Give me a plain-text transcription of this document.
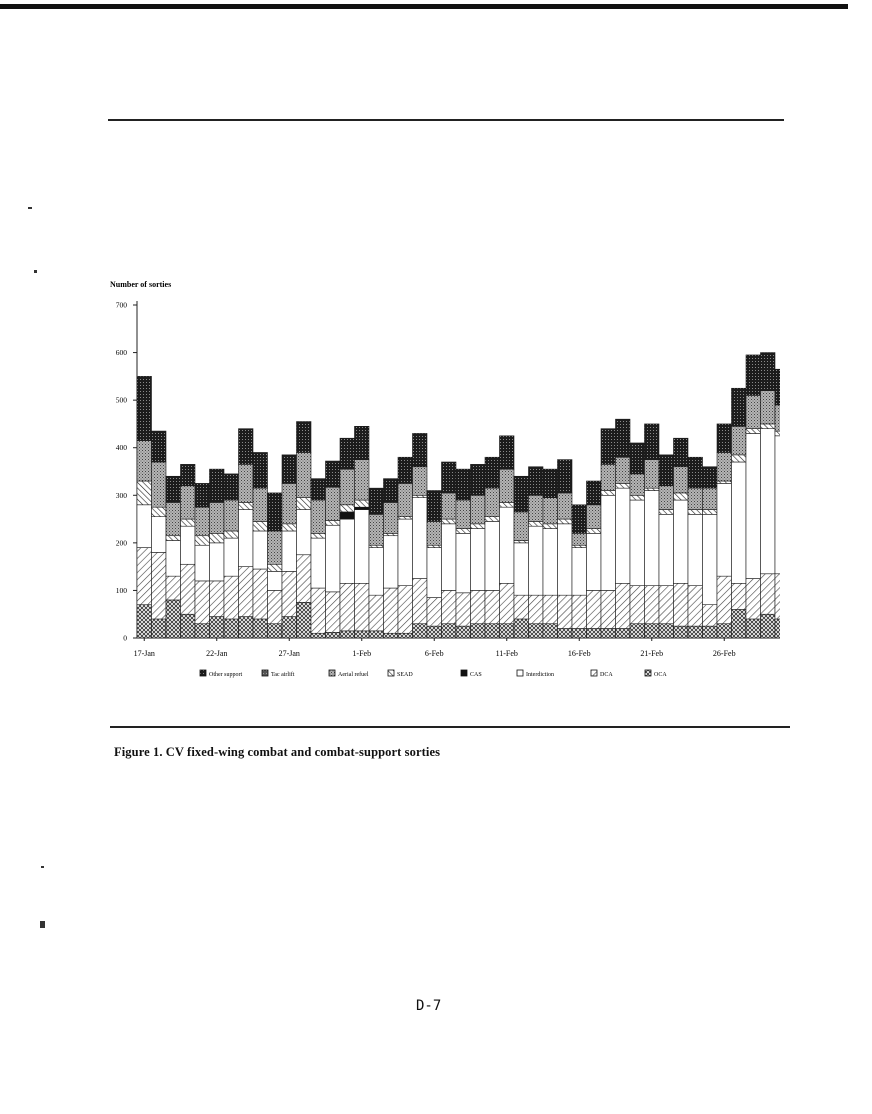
Number of sorties
0
100
200
300
400
500
600
700
17-Jan	22-Jan	27-Jan	1-Feb	6-Feb	11-Feb	16-Feb	21-Feb	26-Feb
Other support	Tac airlift	Aerial refuel	SEAD	CAS	Interdiction	DCA	OCA
Figure 1. CV fixed-wing combat and combat-support sorties
D-7
